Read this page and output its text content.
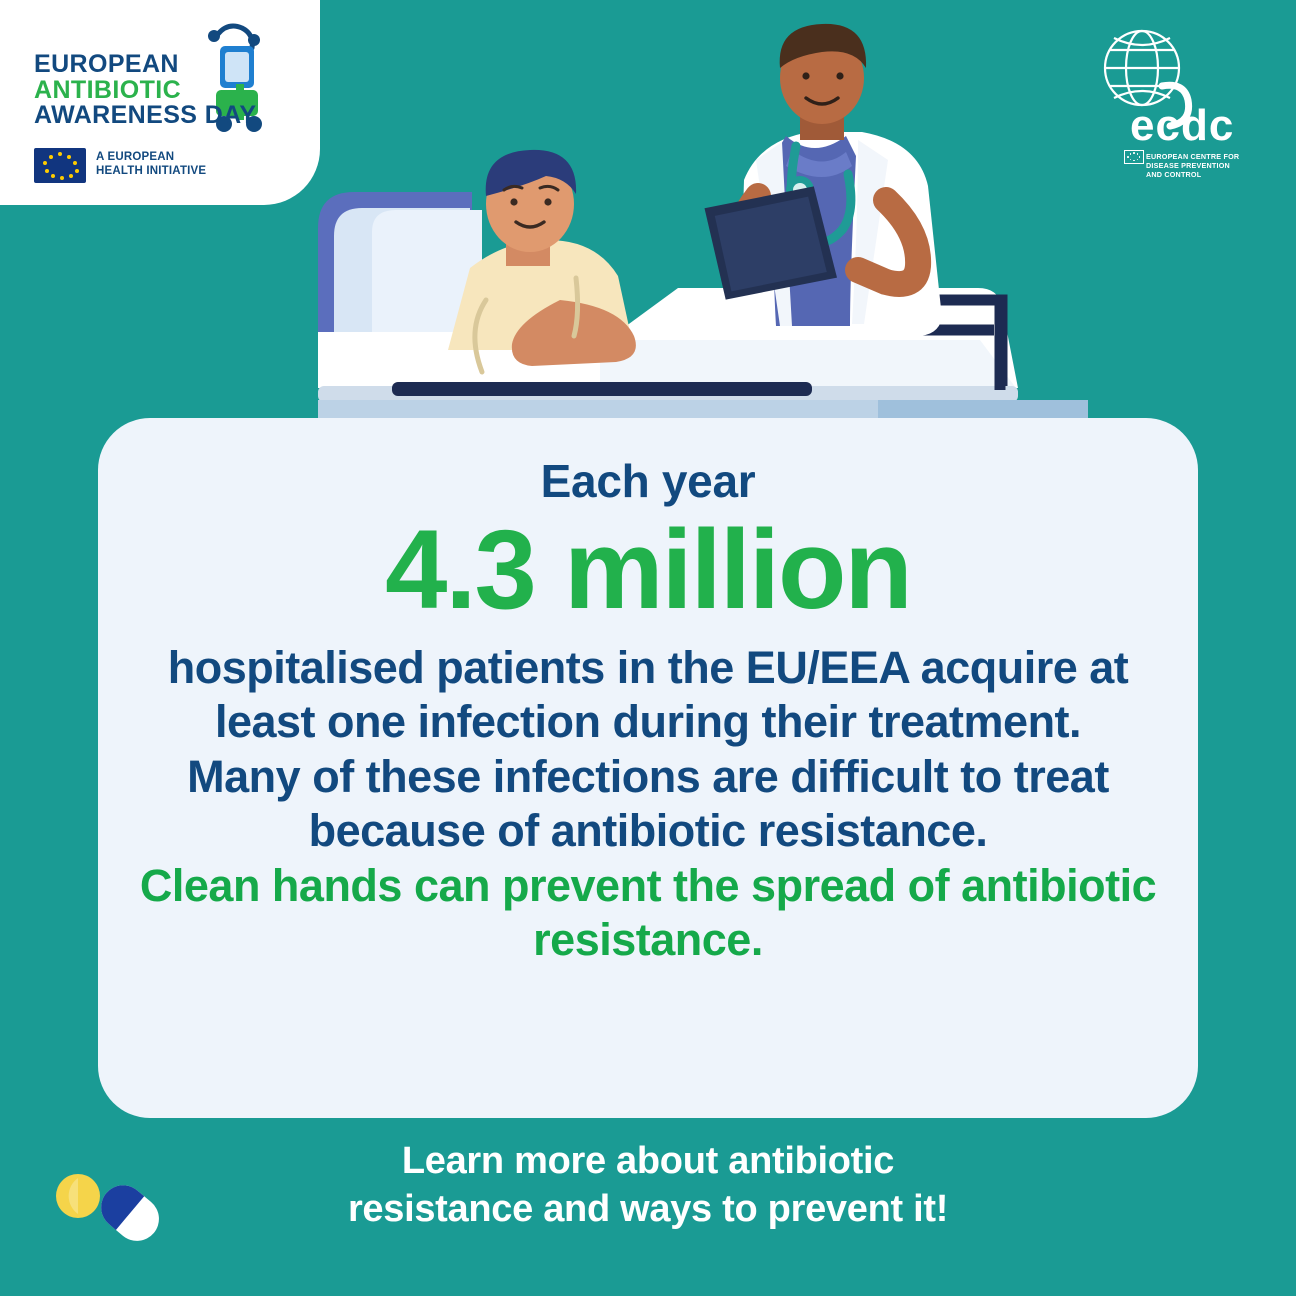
EUROPEAN
ANTIBIOTIC
AWARENESS DAY
A EUROPEAN
HEALTH INITIATIVE
ecdc
EUROPEAN CENTRE FOR
DISEASE PREVENTION
AND CONTROL
Each year
4.3 million
hospitalised patients in the EU/EEA acquire at least one infection during their treatment.
Many of these infections are difficult to treat because of antibiotic resistance.
Clean hands can prevent the spread of antibiotic resistance.
Learn more about antibiotic
resistance and ways to prevent it!
